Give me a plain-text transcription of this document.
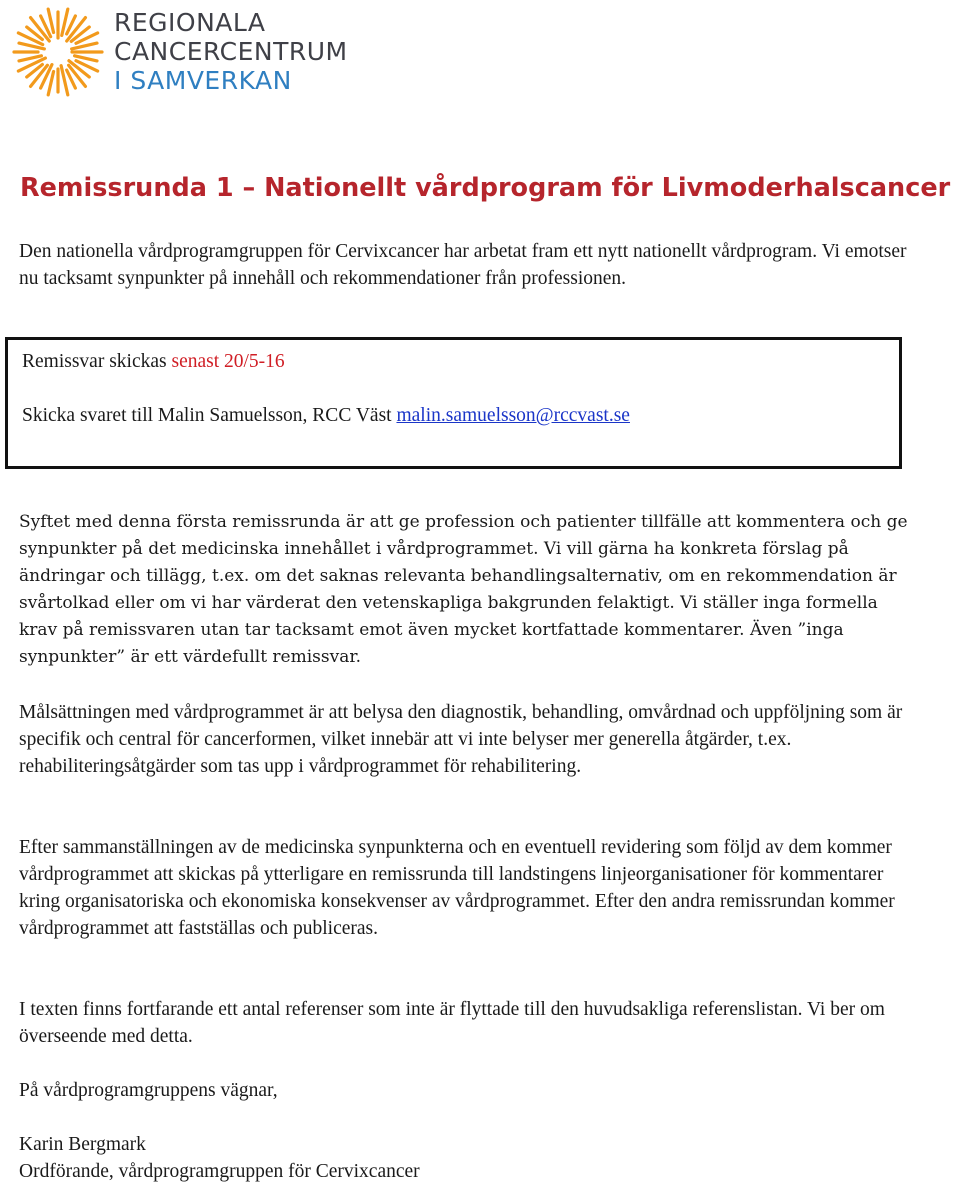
REGIONALA
CANCERCENTRUM
I SAMVERKAN
Remissrunda 1 – Nationellt vårdprogram för Livmoderhalscancer

Den nationella vårdprogramgruppen för Cervixcancer har arbetat fram ett nytt nationellt vårdprogram. Vi emotser nu tacksamt synpunkter på innehåll och rekommendationer från professionen.

Remissvar skickas senast 20/5-16

Skicka svaret till Malin Samuelsson, RCC Väst malin.samuelsson@rccvast.se

Syftet med denna första remissrunda är att ge profession och patienter tillfälle att kommentera och ge synpunkter på det medicinska innehållet i vårdprogrammet. Vi vill gärna ha konkreta förslag på ändringar och tillägg, t.ex. om det saknas relevanta behandlingsalternativ, om en rekommendation är svårtolkad eller om vi har värderat den vetenskapliga bakgrunden felaktigt. Vi ställer inga formella krav på remissvaren utan tar tacksamt emot även mycket kortfattade kommentarer. Även ”inga synpunkter” är ett värdefullt remissvar.

Målsättningen med vårdprogrammet är att belysa den diagnostik, behandling, omvårdnad och uppföljning som är specifik och central för cancerformen, vilket innebär att vi inte belyser mer generella åtgärder, t.ex. rehabiliteringsåtgärder som tas upp i vårdprogrammet för rehabilitering.

Efter sammanställningen av de medicinska synpunkterna och en eventuell revidering som följd av dem kommer vårdprogrammet att skickas på ytterligare en remissrunda till landstingens linjeorganisationer för kommentarer kring organisatoriska och ekonomiska konsekvenser av vårdprogrammet. Efter den andra remissrundan kommer vårdprogrammet att fastställas och publiceras.

I texten finns fortfarande ett antal referenser som inte är flyttade till den huvudsakliga referenslistan. Vi ber om överseende med detta.

På vårdprogramgruppens vägnar,

Karin Bergmark
Ordförande, vårdprogramgruppen för Cervixcancer
